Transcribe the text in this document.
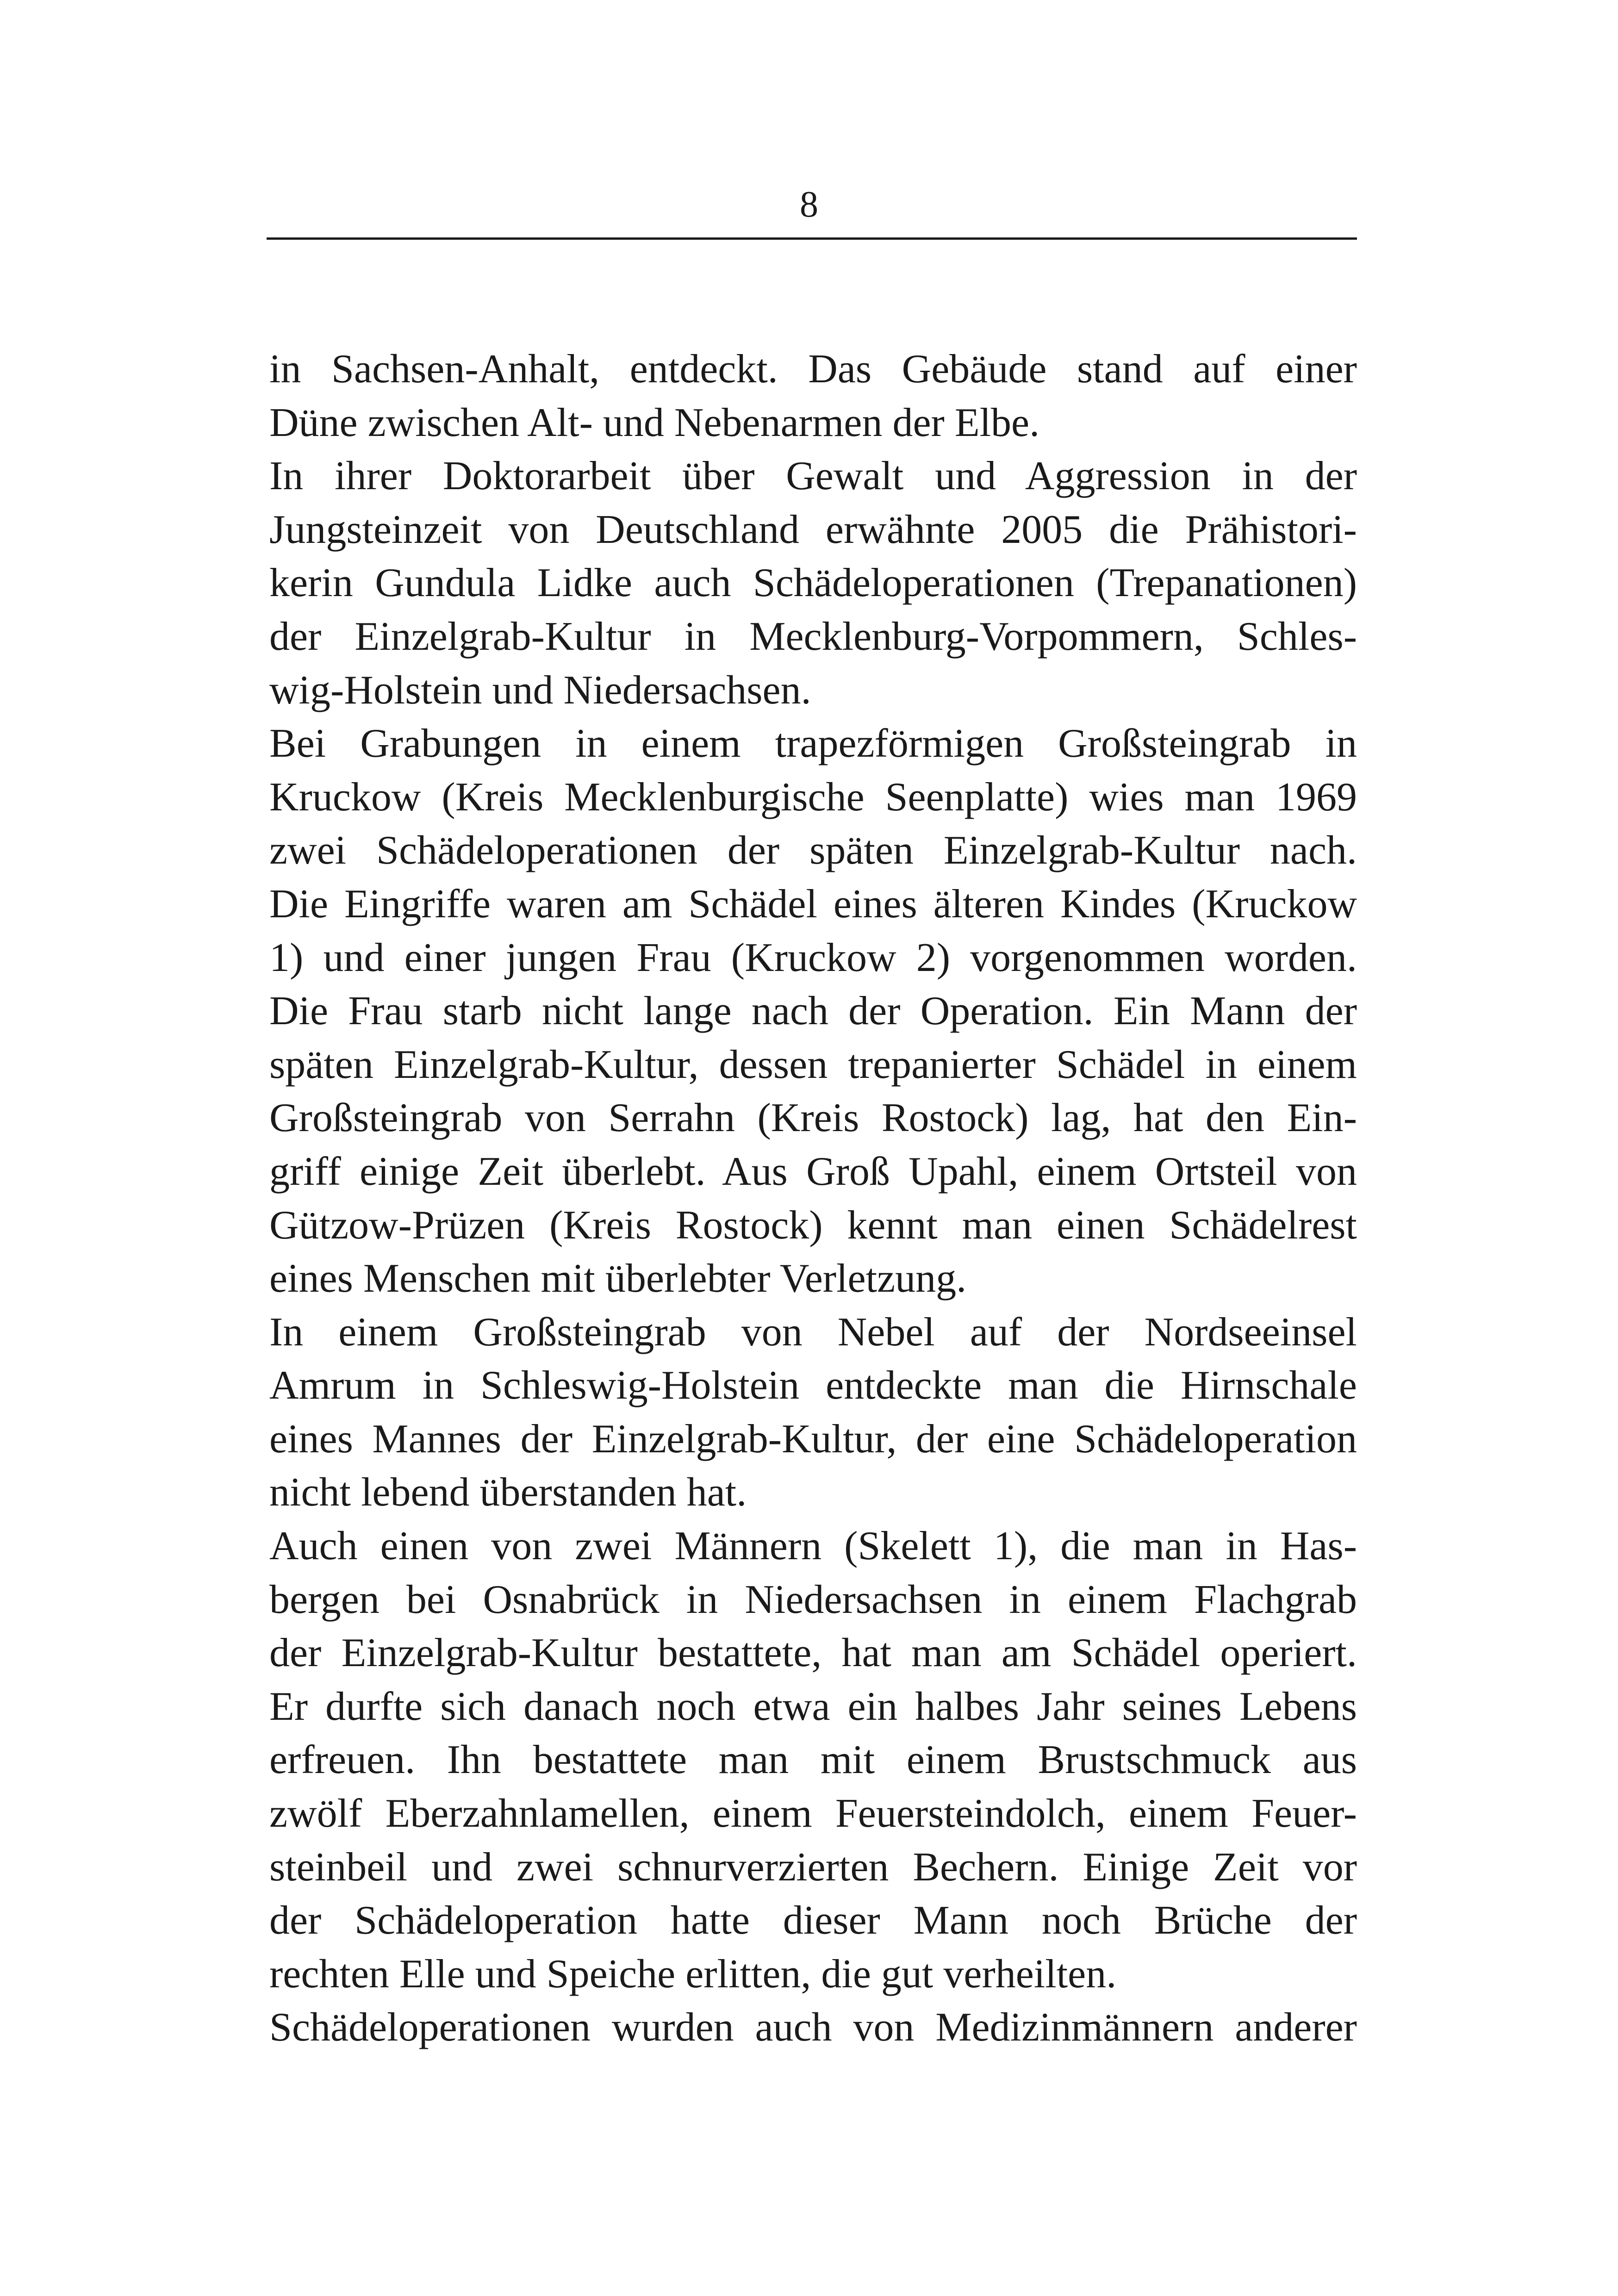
8
in Sachsen-Anhalt, entdeckt. Das Gebäude stand auf einer
Düne zwischen Alt- und Nebenarmen der Elbe.
In ihrer Doktorarbeit über Gewalt und Aggression in der
Jungsteinzeit von Deutschland erwähnte 2005 die Prähistori-
kerin Gundula Lidke auch Schädeloperationen (Trepanationen)
der Einzelgrab-Kultur in Mecklenburg-Vorpommern, Schles-
wig-Holstein und Niedersachsen.
Bei Grabungen in einem trapezförmigen Großsteingrab in
Kruckow (Kreis Mecklenburgische Seenplatte) wies man 1969
zwei Schädeloperationen der späten Einzelgrab-Kultur nach.
Die Eingriffe waren am Schädel eines älteren Kindes (Kruckow
1) und einer jungen Frau (Kruckow 2) vorgenommen worden.
Die Frau starb nicht lange nach der Operation. Ein Mann der
späten Einzelgrab-Kultur, dessen trepanierter Schädel in einem
Großsteingrab von Serrahn (Kreis Rostock) lag, hat den Ein-
griff einige Zeit überlebt. Aus Groß Upahl, einem Ortsteil von
Gützow-Prüzen (Kreis Rostock) kennt man einen Schädelrest
eines Menschen mit überlebter Verletzung.
In einem Großsteingrab von Nebel auf der Nordseeinsel
Amrum in Schleswig-Holstein entdeckte man die Hirnschale
eines Mannes der Einzelgrab-Kultur, der eine Schädeloperation
nicht lebend überstanden hat.
Auch einen von zwei Männern (Skelett 1), die man in Has-
bergen bei Osnabrück in Niedersachsen in einem Flachgrab
der Einzelgrab-Kultur bestattete, hat man am Schädel operiert.
Er durfte sich danach noch etwa ein halbes Jahr seines Lebens
erfreuen. Ihn bestattete man mit einem Brustschmuck aus
zwölf Eberzahnlamellen, einem Feuersteindolch, einem Feuer-
steinbeil und zwei schnurverzierten Bechern. Einige Zeit vor
der Schädeloperation hatte dieser Mann noch Brüche der
rechten Elle und Speiche erlitten, die gut verheilten.
Schädeloperationen wurden auch von Medizinmännern anderer
